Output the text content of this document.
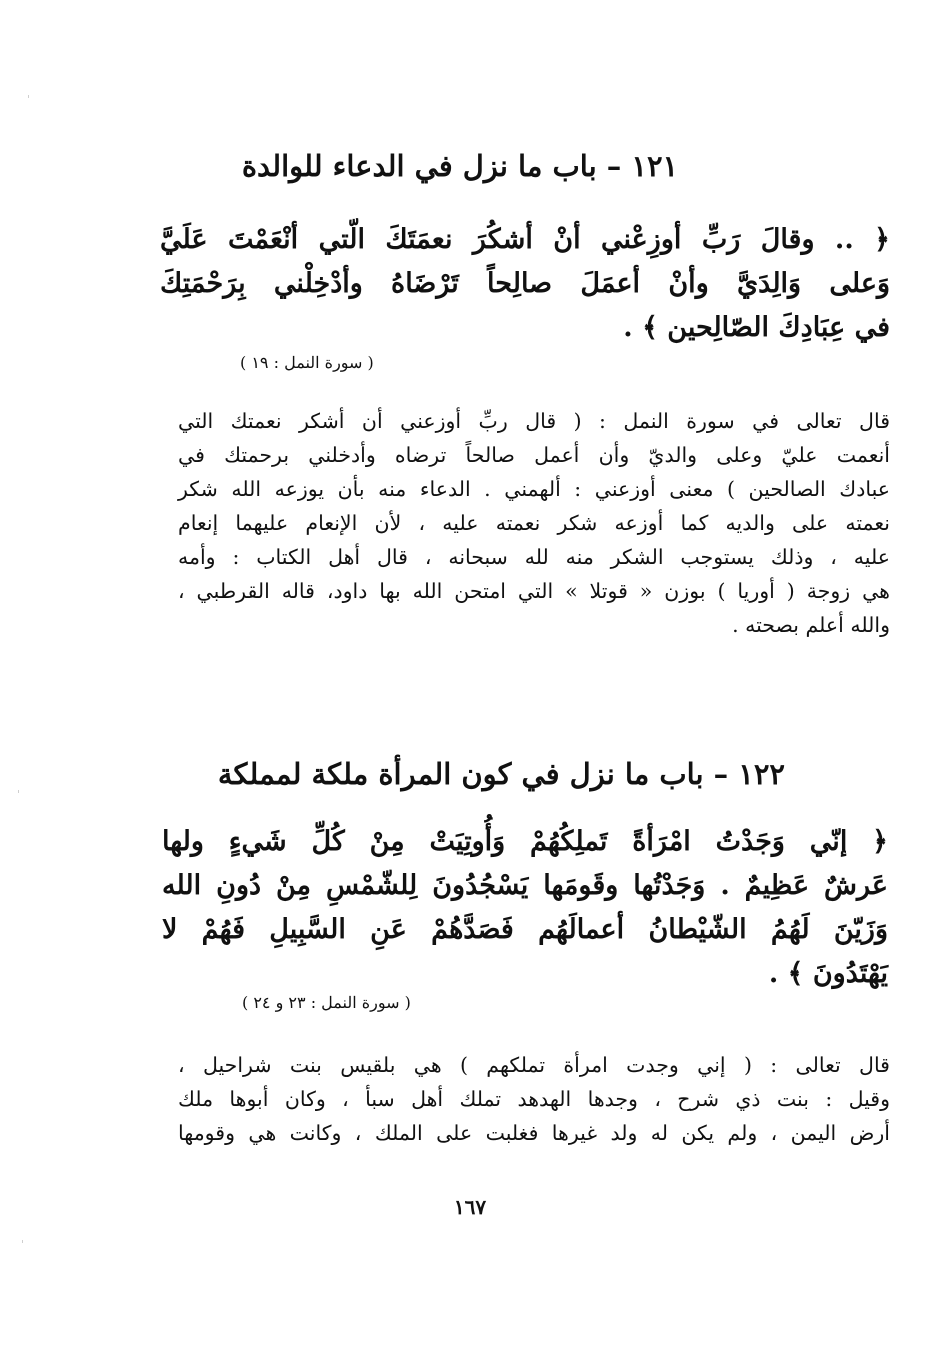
١٢١ – باب ما نزل في الدعاء للوالدة
﴿ .. وقالَ رَبِّ أوزِعْني أنْ أشكُرَ نعمَتَكَ الّتي أنْعَمْتَ عَلَيَّ
وَعلى وَالِدَيَّ وأنْ أعمَلَ صالِحاً تَرْضَاهُ وأدْخِلْني بِرَحْمَتِكَ
في عِبَادِكَ الصّالِحين ﴾ .
( سورة النمل : ١٩ )
قال تعالى في سورة النمل : ( قال ربِّ أوزعني أن أشكر نعمتك التي
أنعمت عليّ وعلى والديّ وأن أعمل صالحاً ترضاه وأدخلني برحمتك في
عبادك الصالحين ) معنى أوزعني : ألهمني . الدعاء منه بأن يوزعه الله شكر
نعمته على والديه كما أوزعه شكر نعمته عليه ، لأن الإنعام عليهما إنعام
عليه ، وذلك يستوجب الشكر منه لله سبحانه ، قال أهل الكتاب : وأمه
هي زوجة ( أوريا ) بوزن « قوتلا » التي امتحن الله بها داود، قاله القرطبي ،
والله أعلم بصحته .
١٢٢ – باب ما نزل في كون المرأة ملكة لمملكة
﴿ إنّي وَجَدْتُ امْرَأةً تَملِكُهُمْ وَأُوتِيَتْ مِنْ كُلِّ شَيءٍ ولها
عَرشٌ عَظِيمٌ . وَجَدْتُها وقَومَها يَسْجُدُونَ لِلشّمْسِ مِنْ دُونِ الله
وَزَيّنَ لَهُمُ الشّيْطانُ أعمالَهُم فَصَدَّهُمْ عَنِ السَّبِيلِ فَهُمْ لا
يَهْتَدُونَ ﴾ .
( سورة النمل : ٢٣ و ٢٤ )
قال تعالى : ( إني وجدت امرأة تملكهم ) هي بلقيس بنت شراحيل ،
وقيل : بنت ذي شرح ، وجدها الهدهد تملك أهل سبأ ، وكان أبوها ملك
أرض اليمن ، ولم يكن له ولد غيرها فغلبت على الملك ، وكانت هي وقومها
١٦٧
